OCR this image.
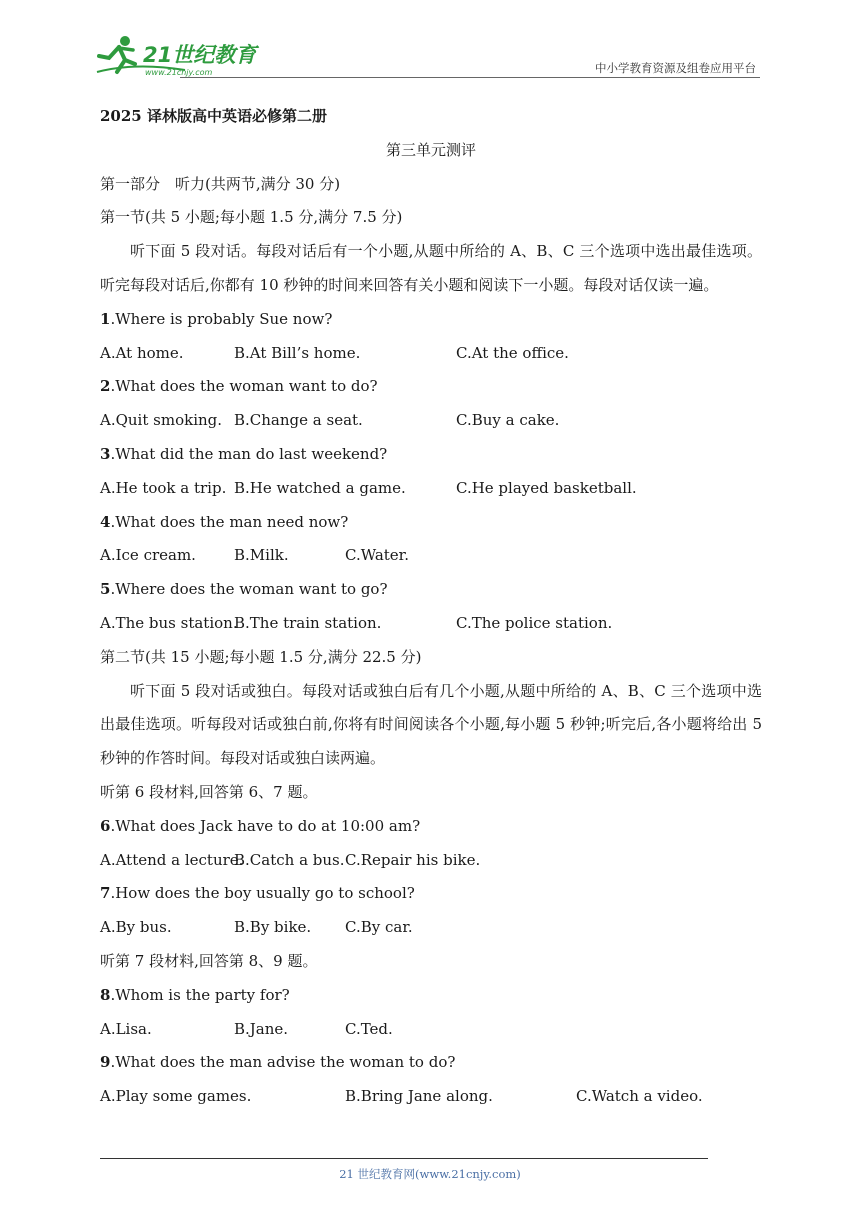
21世纪教育
www.21cnjy.com	中小学教育资源及组卷应用平台
2025 译林版高中英语必修第二册
第三单元测评
第一部分　听力(共两节,满分 30 分)
第一节(共 5 小题;每小题 1.5 分,满分 7.5 分)

听下面 5 段对话。每段对话后有一个小题,从题中所给的 A、B、C 三个选项中选出最佳选项。听完每段对话后,你都有 10 秒钟的时间来回答有关小题和阅读下一小题。每段对话仅读一遍。

1.Where is probably Sue now?
A.At home.	B.At Bill’s home.	C.At the office.
2.What does the woman want to do?
A.Quit smoking. B.Change a seat.	C.Buy a cake.
3.What did the man do last weekend?
A.He took a trip. B.He watched a game.	C.He played basketball.
4.What does the man need now?
A.Ice cream.	B.Milk.	C.Water.
5.Where does the woman want to go?
A.The bus station.
B.The train station.	C.The police station.
第二节(共 15 小题;每小题 1.5 分,满分 22.5 分)

听下面 5 段对话或独白。每段对话或独白后有几个小题,从题中所给的 A、B、C 三个选项中选出最佳选项。听每段对话或独白前,你将有时间阅读各个小题,每小题 5 秒钟;听完后,各小题将给出 5 秒钟的作答时间。每段对话或独白读两遍。

听第 6 段材料,回答第 6、7 题。
6.What does Jack have to do at 10:00 am?
A.Attend a lecture.
B.Catch a bus. C.Repair his bike.
7.How does the boy usually go to school?
A.By bus.	B.By bike. C.By car.
听第 7 段材料,回答第 8、9 题。
8.Whom is the party for?
A.Lisa.	B.Jane.	C.Ted.
9.What does the man advise the woman to do?
A.Play some games.	B.Bring Jane along.	C.Watch a video.
21 世纪教育网(www.21cnjy.com)
